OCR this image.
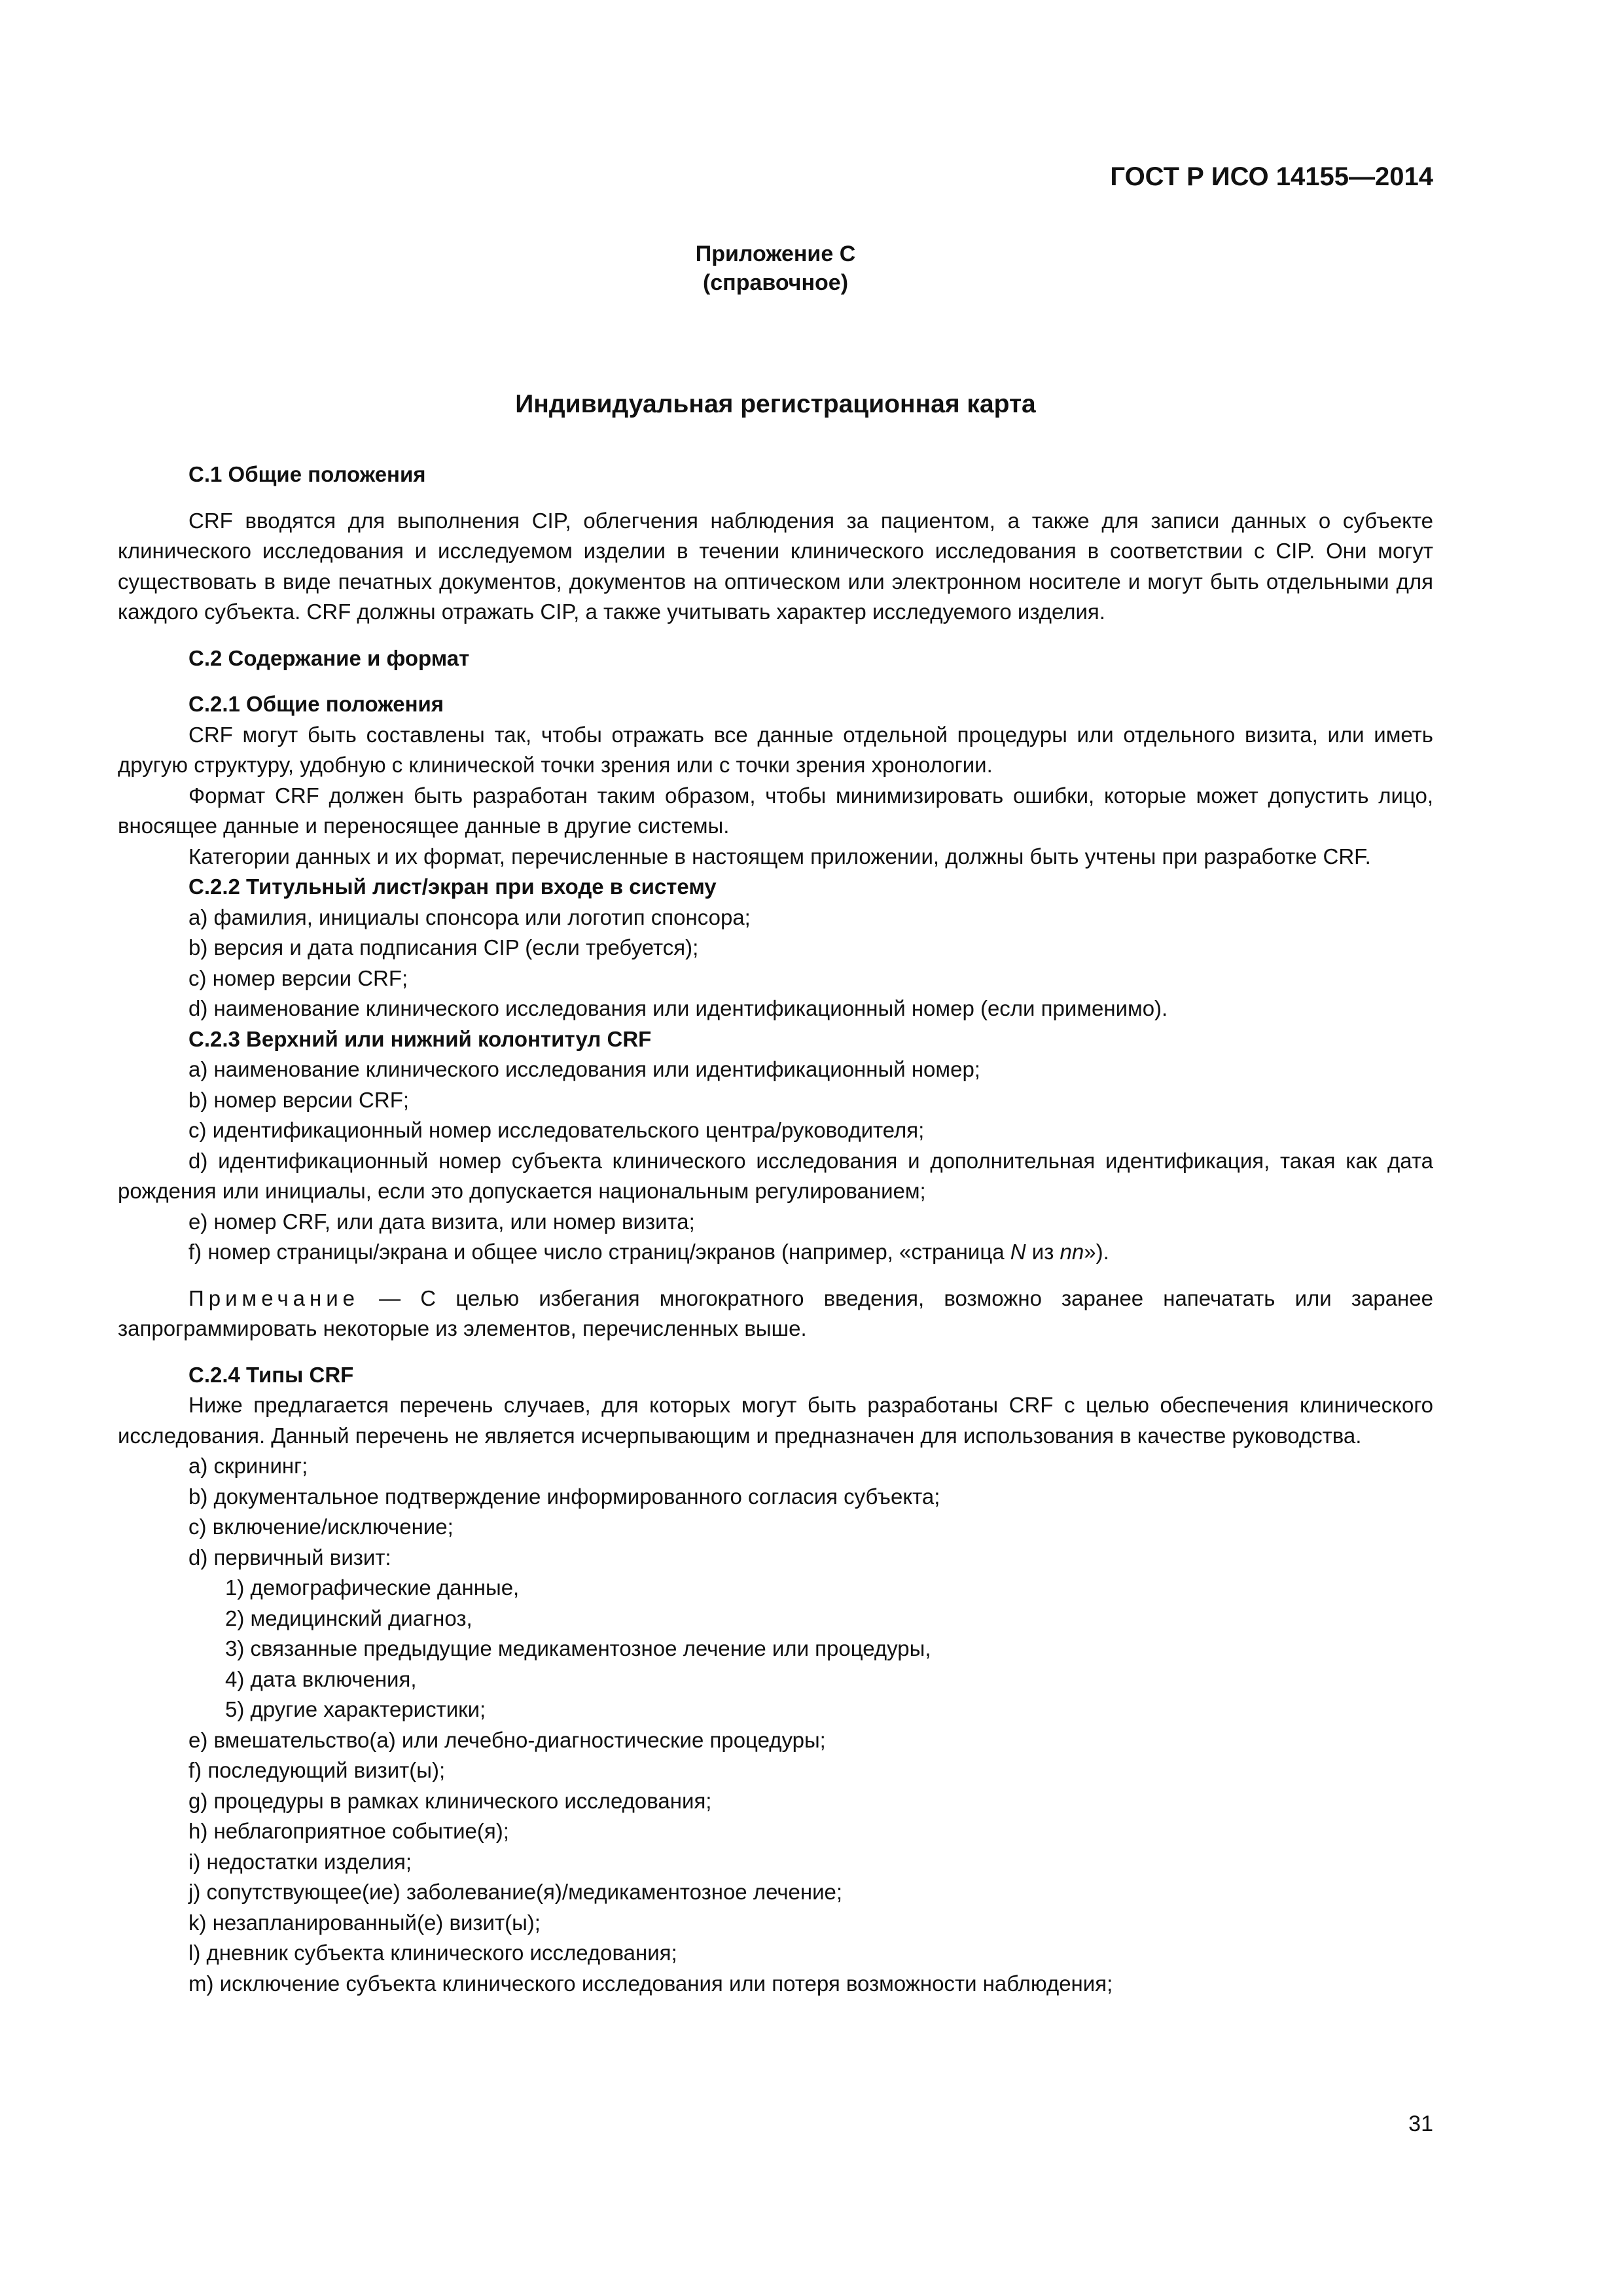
ГОСТ Р ИСО 14155—2014
Приложение С
(справочное)
Индивидуальная регистрационная карта

С.1 Общие положения

CRF вводятся для выполнения CIP, облегчения наблюдения за пациентом, а также для записи данных о субъекте клинического исследования и исследуемом изделии в течении клинического исследования в соответствии с CIP. Они могут существовать в виде печатных документов, документов на оптическом или электронном носителе и могут быть отдельными для каждого субъекта. CRF должны отражать CIP, а также учитывать характер исследуемого изделия.

С.2 Содержание и формат

С.2.1 Общие положения

CRF могут быть составлены так, чтобы отражать все данные отдельной процедуры или отдельного визита, или иметь другую структуру, удобную с клинической точки зрения или с точки зрения хронологии.

Формат CRF должен быть разработан таким образом, чтобы минимизировать ошибки, которые может допустить лицо, вносящее данные и переносящее данные в другие системы.

Категории данных и их формат, перечисленные в настоящем приложении, должны быть учтены при разработке CRF.

С.2.2 Титульный лист/экран при входе в систему

а) фамилия, инициалы спонсора или логотип спонсора;

b) версия и дата подписания CIP (если требуется);

c) номер версии CRF;

d) наименование клинического исследования или идентификационный номер (если применимо).

С.2.3 Верхний или нижний колонтитул CRF

а) наименование клинического исследования или идентификационный номер;

b) номер версии CRF;

c) идентификационный номер исследовательского центра/руководителя;

d) идентификационный номер субъекта клинического исследования и дополнительная идентификация, такая как дата рождения или инициалы, если это допускается национальным регулированием;

e) номер CRF, или дата визита, или номер визита;

f) номер страницы/экрана и общее число страниц/экранов (например, «страница N из nn»).

Примечание — С целью избегания многократного введения, возможно заранее напечатать или заранее запрограммировать некоторые из элементов, перечисленных выше.

С.2.4 Типы CRF

Ниже предлагается перечень случаев, для которых могут быть разработаны CRF с целью обеспечения клинического исследования. Данный перечень не является исчерпывающим и предназначен для использования в качестве руководства.

а) скрининг;

b) документальное подтверждение информированного согласия субъекта;

c) включение/исключение;

d) первичный визит:

1) демографические данные,

2) медицинский диагноз,

3) связанные предыдущие медикаментозное лечение или процедуры,

4) дата включения,

5) другие характеристики;

e) вмешательство(а) или лечебно-диагностические процедуры;

f) последующий визит(ы);

g) процедуры в рамках клинического исследования;

h) неблагоприятное событие(я);

i) недостатки изделия;

j) сопутствующее(ие) заболевание(я)/медикаментозное лечение;

k) незапланированный(е) визит(ы);

l) дневник субъекта клинического исследования;

m) исключение субъекта клинического исследования или потеря возможности наблюдения;

31
